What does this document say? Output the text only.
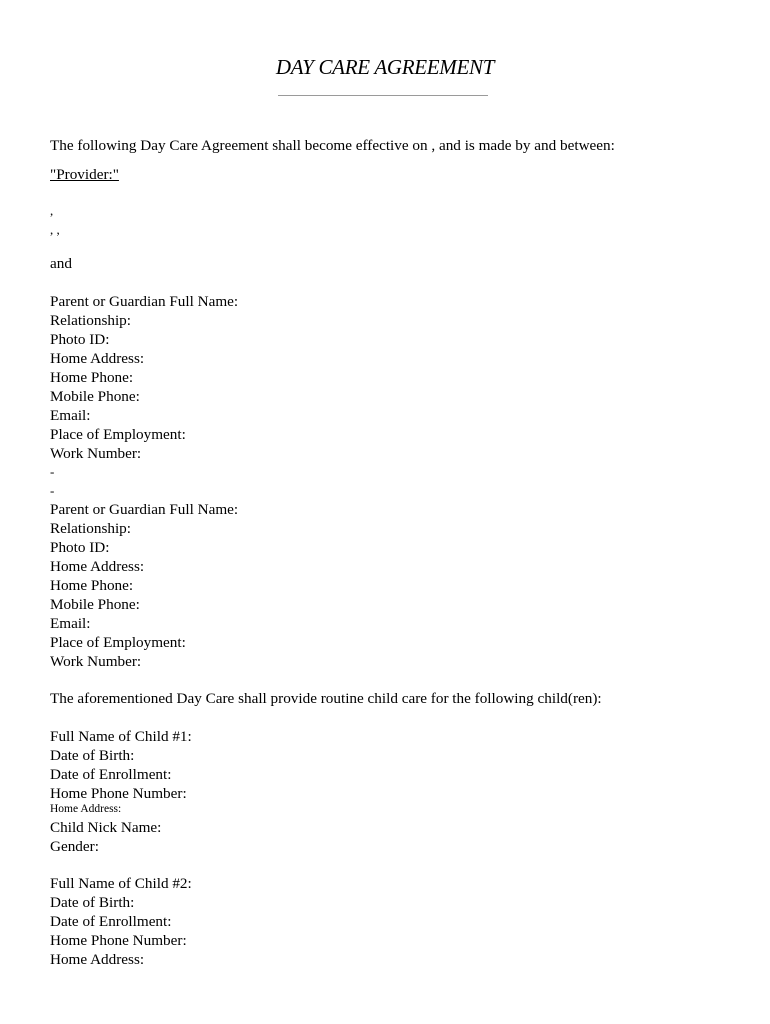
DAY CARE AGREEMENT
The following Day Care Agreement shall become effective on , and is made by and between:
"Provider:"
,
, ,
and
Parent or Guardian Full Name:
Relationship:
Photo ID:
Home Address:
Home Phone:
Mobile Phone:
Email:
Place of Employment:
Work Number:
-
-
Parent or Guardian Full Name:
Relationship:
Photo ID:
Home Address:
Home Phone:
Mobile Phone:
Email:
Place of Employment:
Work Number:
The aforementioned Day Care shall provide routine child care for the following child(ren):
Full Name of Child #1:
Date of Birth:
Date of Enrollment:
Home Phone Number:
Home Address:
Child Nick Name:
Gender:
Full Name of Child #2:
Date of Birth:
Date of Enrollment:
Home Phone Number:
Home Address:
